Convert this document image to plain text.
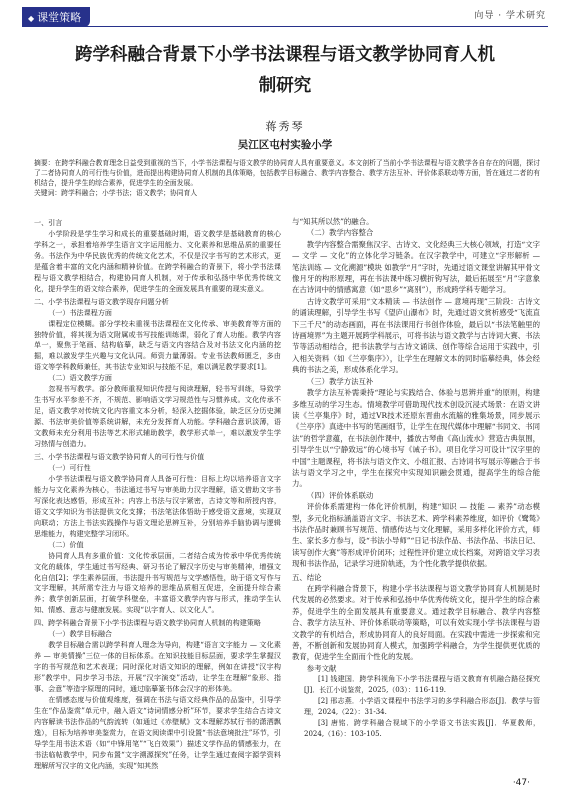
◆ 课堂策略	向导 · 学术研究
跨学科融合背景下小学书法课程与语文教学协同育人机
制研究
蒋秀琴
吴江区屯村实验小学
摘要：在跨学科融合教育理念日益受到重视的当下，小学书法课程与语文教学的协同育人具有重要意义。本文剖析了当前小学书法课程与语文教学各自存在的问题，探讨了二者协同育人的可行性与价值，进而提出构建协同育人机制的具体策略，包括教学目标融合、教学内容整合、教学方法互补、评价体系联动等方面，旨在通过二者的有机结合，提升学生的综合素养，促进学生的全面发展。
关键词：跨学科融合；小学书法；语文教学；协同育人

一、引言

小学阶段是学生学习和成长的重要基础时期，语文教学是基础教育的核心学科之一，承担着培养学生语言文字运用能力、文化素养和思维品质的重要任务。书法作为中华民族优秀的传统文化艺术，不仅是汉字书写的艺术形式，更是蕴含着丰富的文化内涵和精神价值。在跨学科融合的背景下，将小学书法课程与语文教学相结合，构建协同育人机制，对于传承和弘扬中华优秀传统文化，提升学生的语文综合素养，促进学生的全面发展具有重要的现实意义。

二、小学书法课程与语文教学现存问题分析

（一）书法课程方面

课程定位模糊。部分学校未重视书法课程在文化传承、审美教育等方面的独特价值，将其视为语文附属或书写技能训练课，弱化了育人功能。教学内容单一，聚焦于笔画、结构临摹，缺乏与语文内容结合及对书法文化内涵的挖掘，难以激发学生兴趣与文化认同。师资力量薄弱。专业书法教师匮乏，多由语文等学科教师兼任，其书法专业知识与技能不足，难以满足教学要求[1]。

（二）语文教学方面

忽视书写教学。部分教师重视知识传授与阅读理解，轻书写训练，导致学生书写水平参差不齐，不规范、影响语文学习规范性与习惯养成。文化传承不足，语文教学对传统文化内容重文本分析，轻深入挖掘体验，缺乏区分历史渊源、书法审美价值等系统讲解，未充分发挥育人功能。学科融合意识淡薄，语文教师未充分利用书法等艺术形式辅助教学，教学形式单一，难以激发学生学习热情与创造力。

三、小学书法课程与语文教学协同育人的可行性与价值

（一）可行性

小学书法课程与语文教学协同育人具备可行性：目标上均以培养语言文字能力与文化素养为核心，书法通过书写与审美助力汉字理解，语文借助文字书写深化表达感悟，形成互补；内容上书法与汉字紧密，古诗文等和所授内容，语文文学知识为书法提供文化支撑；书法笔法体悟助于感受语文意境，实现双向联动；方法上书法实践操作与语文理论思辨互补，分别培养手脑协调与逻辑思维能力，构建完整学习闭环。

（二）价值

协同育人具有多重价值：文化传承层面，二者结合成为传承中华优秀传统文化的载体，学生通过书写经典、研习书论了解汉字历史与审美精神，增强文化自信[2]；学生素养层面，书法提升书写规范与文学感悟性，助于语文写作与文字理解，其所需专注力与语文培养的思维品质相互促进，全面提升综合素养；教学创新层面，打破学科壁垒，丰富语文教学内容与形式，推动学生认知、情感、意志与健康发展。实现“以字育人、以文化人”。

四、跨学科融合背景下小学书法课程与语文教学协同育人机制的构建策略

（一）教学目标融合

教学目标融合需以跨学科育人理念为导向，构建“语言文字能力 — 文化素养 — 审美情操”三位一体的目标体系。在知识技能目标层面，要求学生掌握汉字的书写规范和艺术表现；同时深化对语文知识的理解，例如在讲授“汉字构形”教学中，同步学习书法，开展“汉字演变”活动，让学生在理解“象形、指事、会意”等造字原理的同时，通过临摹篆书体会汉字的形体美。

在情感态度与价值观维度，强调在书法与语文经典作品的品鉴中，引导学生在“作品鉴赏”单元中，融入语文“诗词情感分析”环节，要求学生结合古诗文内容解读书法作品的气韵流转（如通过《赤壁赋》文本理解苏轼行书的潇洒飘逸），目标为培养审美鉴赏力，在语文阅读课中引设置“书法意境批注”环节，引导学生用书法术语（如“中锋用笔”“飞白效果”）描述文学作品的情感张力，在书法临帖教学中，同步布置“文字溯源探究”任务，让学生通过查阅字源学资料理解所写汉字的文化内涵，实现“知其然

与“知其所以然”的融合。

（二）教学内容整合

教学内容整合需聚焦汉字、古诗文、文化经典三大核心领域，打造“文字 — 文学 — 文化”的立体化学习链条。在汉字教学中，可建立“字形解析 — 笔法训练 — 文化溯源”模块 如教学“月”字时，先通过语文课堂讲解其甲骨文像月牙的构形原理，再在书法课中练习横折钩写法，最后拓展至“月”字意象在古诗词中的情感寓意（如“思乡”“离别”），形成跨学科专题学习。

古诗文教学可采用“文本精读 — 书法创作 — 意境再现”三阶段：古诗文的诵读理解，引导学生书写《望庐山瀑布》时，先通过语文赏析感受“飞流直下三千尺”的动态画面，再在书法课用行书创作体验，最后以“书法笔触里的诗画境界”为主题开展跨学科展示，可将书法与语文教学与古诗词大赛、书法节等活动相结合，把书法教学与古诗文诵读、创作等综合运用于实践中，引入相关资料（如《兰亭集序》），让学生在理解文本的同时临摹经典，体会经典的书法之美，形成体系化学习。

（三）教学方法互补

教学方法互补需秉持“理论与实践结合、体验与思辨并重”的原则，构建多维互动的学习生态。情境教学可借助现代技术创设沉浸式场景：在语文讲读《兰亭集序》时，通过VR技术还原东晋曲水流觞的雅集场景，同步展示《兰亭序》真迹中书写的笔画细节，让学生在现代媒体中理解“书同文、书同法”的哲学意蕴，在书法创作课中，播放古琴曲《高山流水》营造古典氛围，引导学生以“宁静致远”的心境书写《诫子书》。项目化学习可设计“汉字里的中国”主题课程，将书法与语文作文、小组汇报、古诗词书写展示等融合于书法与语文学习之中，学生在探究中实现知识融会贯通，提高学生的综合能力。

（四）评价体系联动

评价体系需建构一体化评价机制，构建“知识 — 技能 — 素养”动态模型，多元化指标涵盖语言文字、书法艺术、跨学科素养维度，如评价《鹭鸶》书法作品时兼顾书写规范、情感传达与文化理解，采用多样化评价方式，师生、家长多方参与，设“书法小导师”“日记书法作品、书法作品、书法日记、读写创作大赛”等形成评价闭环；过程性评价建立成长档案，对跨语文学习表现和书法作品，记录学习进阶轨迹，为个性化教学提供依据。

五、结论

在跨学科融合背景下，构建小学书法课程与语文教学协同育人机制是时代发展的必然要求。对于传承和弘扬中华优秀传统文化，提升学生的综合素养，促进学生的全面发展具有重要意义。通过教学目标融合、教学内容整合、教学方法互补、评价体系联动等策略，可以有效实现小学书法课程与语文教学的有机结合，形成协同育人的良好局面。在实践中需进一步探索和完善，不断创新和发展协同育人模式，加强跨学科融合，为学生提供更优质的教育，促进学生全面而个性化的发展。

参考文献

[1] 钱建国．跨学科视角下小学书法课程与语文教育有机融合路径探究[J]．长江小说鉴赏，2025,（03）：116-119.

[2] 邢志燕．小学语文课程中书法学习的多学科融合形态[J]．教学与管理，2024,（22）：31-34.

[3] 唐铭．跨学科融合视域下的小学语文书法实践[J]．华夏教师，2024,（16）：103-105.

·47·
